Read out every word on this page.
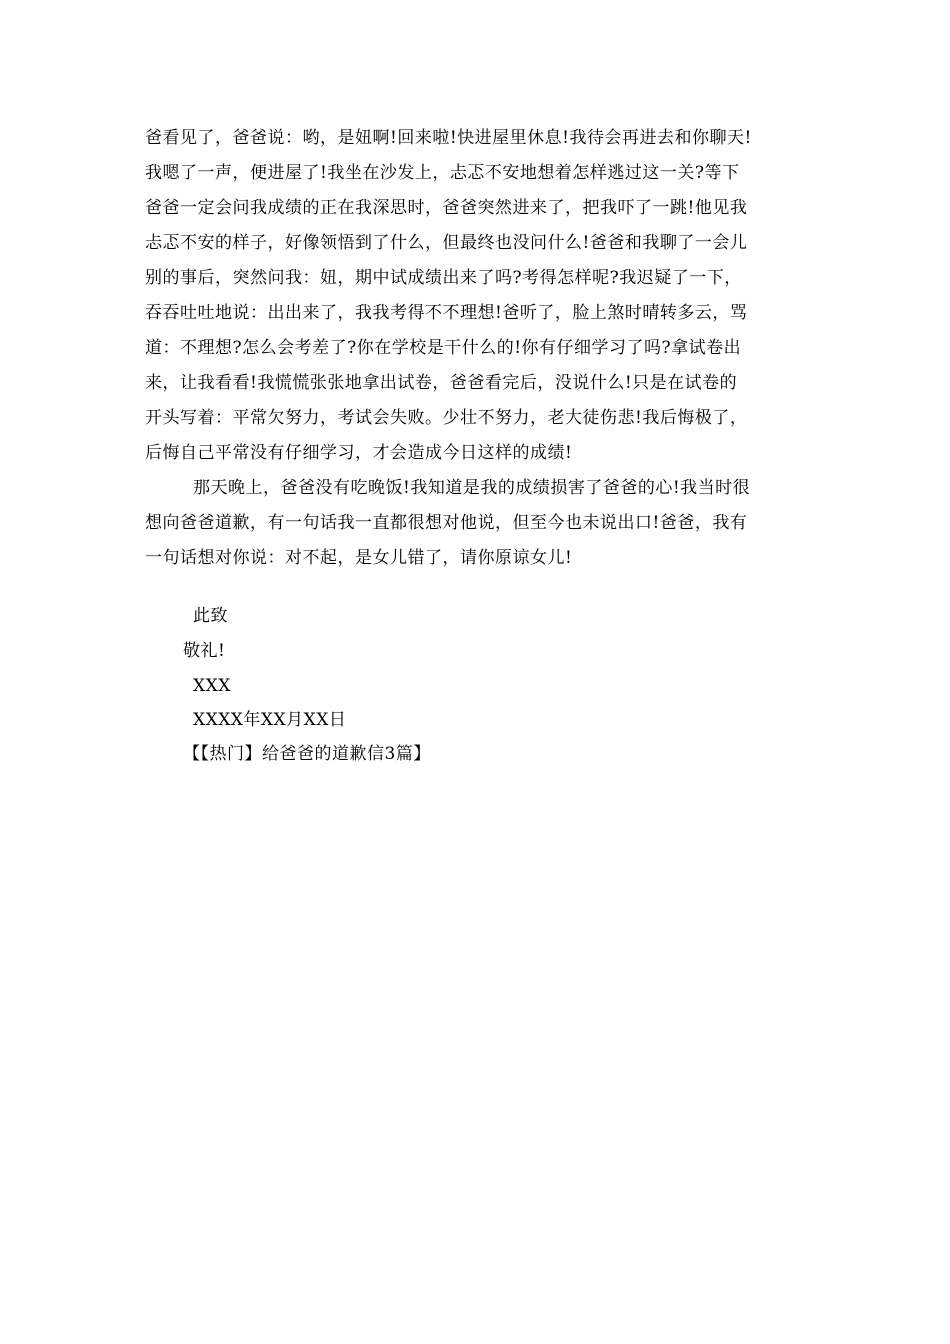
爸看见了，爸爸说：哟，是妞啊!回来啦!快进屋里休息!我待会再进去和你聊天!
我嗯了一声，便进屋了!我坐在沙发上，忐忑不安地想着怎样逃过这一关?等下
爸爸一定会问我成绩的正在我深思时，爸爸突然进来了，把我吓了一跳!他见我
忐忑不安的样子，好像领悟到了什么，但最终也没问什么!爸爸和我聊了一会儿
别的事后，突然问我：妞，期中试成绩出来了吗?考得怎样呢?我迟疑了一下，
吞吞吐吐地说：出出来了，我我考得不不理想!爸听了，脸上煞时晴转多云，骂
道：不理想?怎么会考差了?你在学校是干什么的!你有仔细学习了吗?拿试卷出
来，让我看看!我慌慌张张地拿出试卷，爸爸看完后，没说什么!只是在试卷的
开头写着：平常欠努力，考试会失败。少壮不努力，老大徒伤悲!我后悔极了，
后悔自己平常没有仔细学习，才会造成今日这样的成绩!
那天晚上，爸爸没有吃晚饭!我知道是我的成绩损害了爸爸的心!我当时很
想向爸爸道歉，有一句话我一直都很想对他说，但至今也未说出口!爸爸，我有
一句话想对你说：对不起，是女儿错了，请你原谅女儿!
此致
敬礼!
XXX
XXXX年XX月XX日
【【热门】给爸爸的道歉信3篇】
